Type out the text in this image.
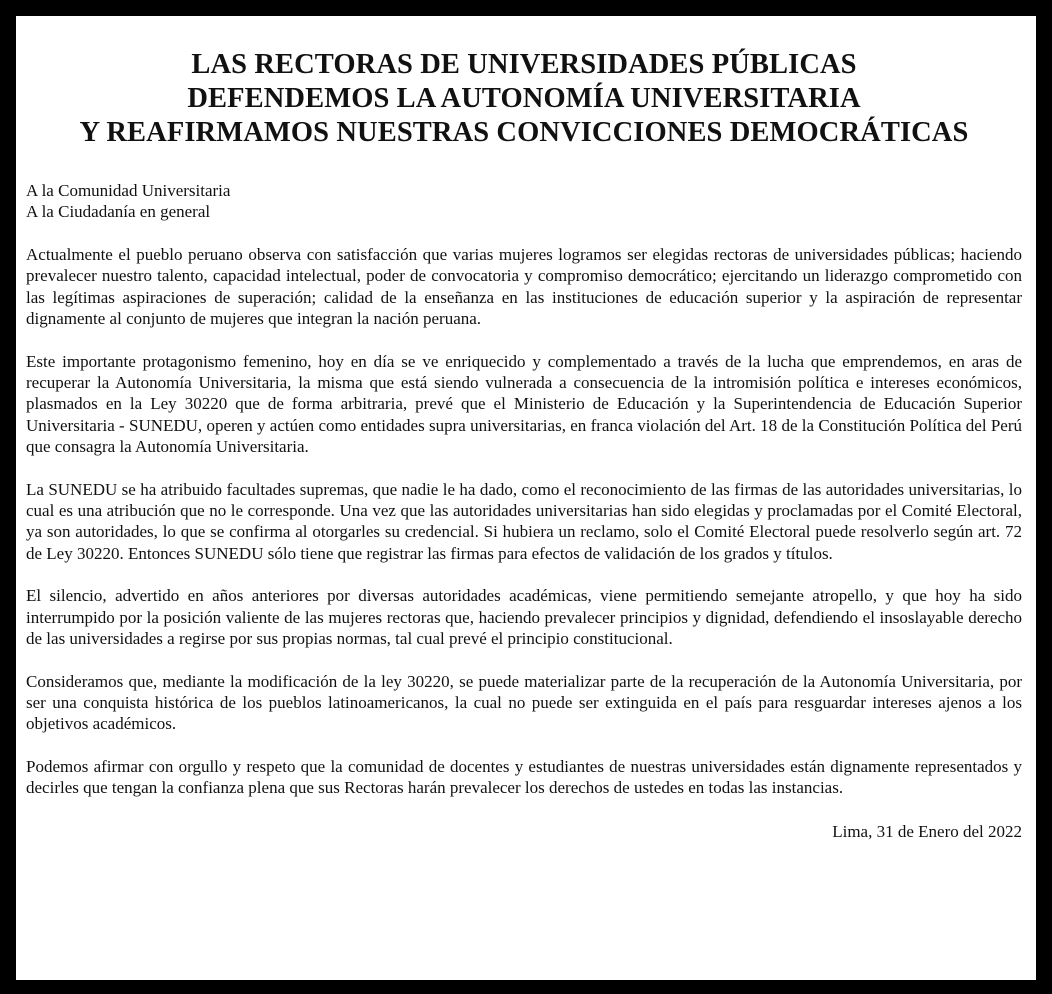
LAS RECTORAS DE UNIVERSIDADES PÚBLICAS
DEFENDEMOS LA AUTONOMÍA UNIVERSITARIA
Y REAFIRMAMOS NUESTRAS CONVICCIONES DEMOCRÁTICAS
A la Comunidad Universitaria
A la Ciudadanía en general

Actualmente el pueblo peruano observa con satisfacción que varias mujeres logramos ser elegidas rectoras de universidades públicas; haciendo prevalecer nuestro talento, capacidad intelectual, poder de convocatoria y compromiso democrático; ejercitando un liderazgo comprometido con las legítimas aspiraciones de superación; calidad de la enseñanza en las instituciones de educación superior y la aspiración de representar dignamente al conjunto de mujeres que integran la nación peruana.

Este importante protagonismo femenino, hoy en día se ve enriquecido y complementado a través de la lucha que emprendemos, en aras de recuperar la Autonomía Universitaria, la misma que está siendo vulnerada a consecuencia de la intromisión política e intereses económicos, plasmados en la Ley 30220 que de forma arbitraria, prevé que el Ministerio de Educación y la Superintendencia de Educación Superior Universitaria - SUNEDU, operen y actúen como entidades supra universitarias, en franca violación del Art. 18 de la Constitución Política del Perú que consagra la Autonomía Universitaria.

La SUNEDU se ha atribuido facultades supremas, que nadie le ha dado, como el reconocimiento de las firmas de las autoridades universitarias, lo cual es una atribución que no le corresponde. Una vez que las autoridades universitarias han sido elegidas y proclamadas por el Comité Electoral, ya son autoridades, lo que se confirma al otorgarles su credencial. Si hubiera un reclamo, solo el Comité Electoral puede resolverlo según art. 72 de Ley 30220. Entonces SUNEDU sólo tiene que registrar las firmas para efectos de validación de los grados y títulos.

El silencio, advertido en años anteriores por diversas autoridades académicas, viene permitiendo semejante atropello, y que hoy ha sido interrumpido por la posición valiente de las mujeres rectoras que, haciendo prevalecer principios y dignidad, defendiendo el insoslayable derecho de las universidades a regirse por sus propias normas, tal cual prevé el principio constitucional.

Consideramos que, mediante la modificación de la ley 30220, se puede materializar parte de la recuperación de la Autonomía Universitaria, por ser una conquista histórica de los pueblos latinoamericanos, la cual no puede ser extinguida en el país para resguardar intereses ajenos a los objetivos académicos.

Podemos afirmar con orgullo y respeto que la comunidad de docentes y estudiantes de nuestras universidades están dignamente representados y decirles que tengan la confianza plena que sus Rectoras harán prevalecer los derechos de ustedes en todas las instancias.

Lima, 31 de Enero del 2022
